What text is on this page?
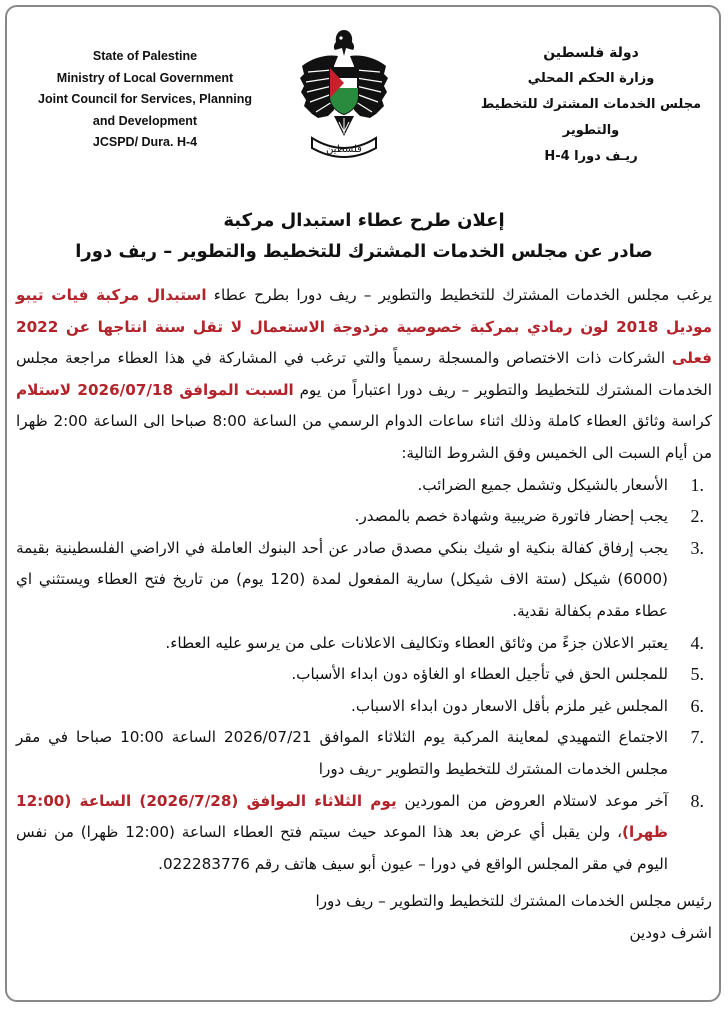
State of Palestine
Ministry of Local Government
Joint Council for Services, Planning
and Development
JCSPD/ Dura. H-4
دولة فلسطين
وزارة الحكم المحلي
مجلس الخدمات المشترك للتخطيط والتطوير
ريـف دورا H-4
فلسطين
إعلان طرح عطاء استبدال مركبة
صادر عن مجلس الخدمات المشترك للتخطيط والتطوير – ريف دورا

يرغب مجلس الخدمات المشترك للتخطيط والتطوير – ريف دورا بطرح عطاء استبدال مركبة فيات تيبو موديل 2018 لون رمادي بمركبة خصوصية مزدوجة الاستعمال لا تقل سنة انتاجها عن 2022 فعلى الشركات ذات الاختصاص والمسجلة رسمياً والتي ترغب في المشاركة في هذا العطاء مراجعة مجلس الخدمات المشترك للتخطيط والتطوير – ريف دورا اعتباراً من يوم السبت الموافق 2026/07/18 لاستلام كراسة وثائق العطاء كاملة وذلك اثناء ساعات الدوام الرسمي من الساعة 8:00 صباحا الى الساعة 2:00 ظهرا من أيام السبت الى الخميس وفق الشروط التالية:

1.
الأسعار بالشيكل وتشمل جميع الضرائب.
2.
يجب إحضار فاتورة ضريبية وشهادة خصم بالمصدر.
3.
يجب إرفاق كفالة بنكية او شيك بنكي مصدق صادر عن أحد البنوك العاملة في الاراضي الفلسطينية بقيمة (6000) شيكل (ستة الاف شيكل) سارية المفعول لمدة (120 يوم) من تاريخ فتح العطاء ويستثني اي عطاء مقدم بكفالة نقدية.
4.
يعتبر الاعلان جزءً من وثائق العطاء وتكاليف الاعلانات على من يرسو عليه العطاء.
5.
للمجلس الحق في تأجيل العطاء او الغاؤه دون ابداء الأسباب.
6.
المجلس غير ملزم بأقل الاسعار دون ابداء الاسباب.
7.
الاجتماع التمهيدي لمعاينة المركبة يوم الثلاثاء الموافق 2026/07/21 الساعة 10:00 صباحا في مقر مجلس الخدمات المشترك للتخطيط والتطوير -ريف دورا
8.
آخر موعد لاستلام العروض من الموردين يوم الثلاثاء الموافق (2026/7/28) الساعة (12:00 ظهرا)، ولن يقبل أي عرض بعد هذا الموعد حيث سيتم فتح العطاء الساعة (12:00 ظهرا) من نفس اليوم في مقر المجلس الواقع في دورا – عيون أبو سيف هاتف رقم 022283776.
رئيس مجلس الخدمات المشترك للتخطيط والتطوير – ريف دورا
اشرف دودين
